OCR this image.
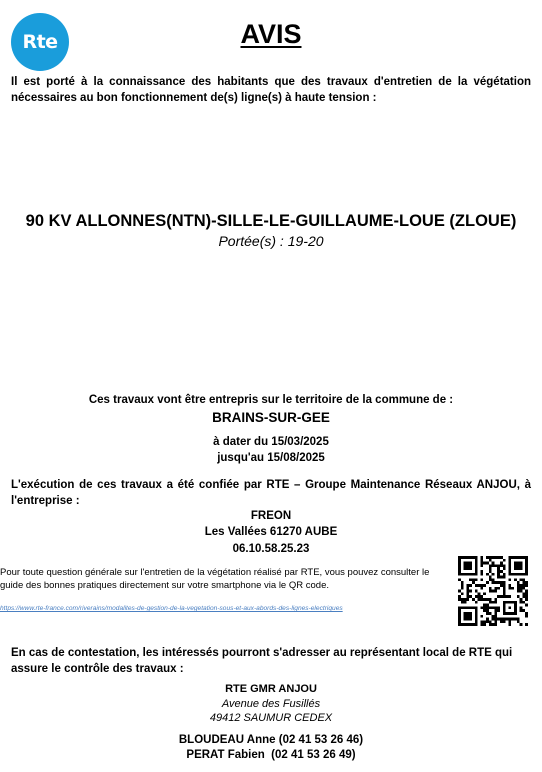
Rte	AVIS
Il est porté à la connaissance des habitants que des travaux d'entretien de la végétation nécessaires au bon fonctionnement de(s) ligne(s) à haute tension :
90 KV ALLONNES(NTN)-SILLE-LE-GUILLAUME-LOUE (ZLOUE)
Portée(s) : 19-20
Ces travaux vont être entrepris sur le territoire de la commune de :
BRAINS-SUR-GEE
à dater du 15/03/2025
jusqu'au 15/08/2025
L'exécution de ces travaux a été confiée par RTE – Groupe Maintenance Réseaux ANJOU, à l'entreprise :
FREON
Les Vallées 61270 AUBE
06.10.58.25.23
Pour toute question générale sur l'entretien de la végétation réalisé par RTE, vous pouvez consulter le guide des bonnes pratiques directement sur votre smartphone via le QR code.
https://www.rte-france.com/riverains/modalites-de-gestion-de-la-vegetation-sous-et-aux-abords-des-lignes-electriques
En cas de contestation, les intéressés pourront s'adresser au représentant local de RTE qui assure le contrôle des travaux :
RTE GMR ANJOU
Avenue des Fusillés
49412 SAUMUR CEDEX
BLOUDEAU Anne (02 41 53 26 46)
PERAT Fabien  (02 41 53 26 49)
